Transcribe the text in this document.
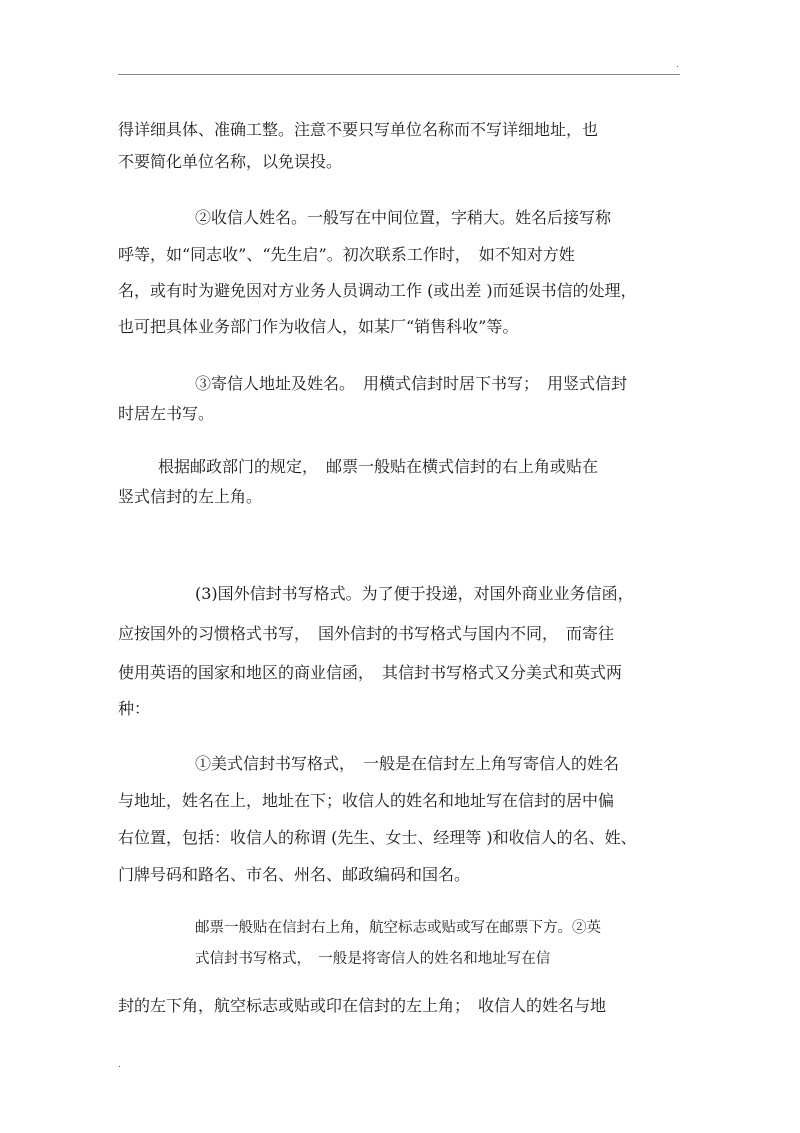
.
得详细具体、准确工整。注意不要只写单位名称而不写详细地址，也
不要简化单位名称，以免误投。
②收信人姓名。一般写在中间位置，字稍大。姓名后接写称
呼等，如“同志收”、“先生启”。初次联系工作时，　如不知对方姓
名，或有时为避免因对方业务人员调动工作 (或出差 )而延误书信的处理，
也可把具体业务部门作为收信人，如某厂“销售科收”等。
③寄信人地址及姓名。　用横式信封时居下书写；　用竖式信封
时居左书写。
根据邮政部门的规定，　邮票一般贴在横式信封的右上角或贴在
竖式信封的左上角。
(3)国外信封书写格式。为了便于投递，对国外商业业务信函，
应按国外的习惯格式书写，　国外信封的书写格式与国内不同，　而寄往
使用英语的国家和地区的商业信函，　其信封书写格式又分美式和英式两
种：
①美式信封书写格式，　一般是在信封左上角写寄信人的姓名
与地址，姓名在上，地址在下；收信人的姓名和地址写在信封的居中偏
右位置，包括：收信人的称谓 (先生、女士、经理等 )和收信人的名、姓、
门牌号码和路名、市名、州名、邮政编码和国名。
邮票一般贴在信封右上角，航空标志或贴或写在邮票下方。②英
式信封书写格式，　一般是将寄信人的姓名和地址写在信
封的左下角，航空标志或贴或印在信封的左上角；　收信人的姓名与地
.
